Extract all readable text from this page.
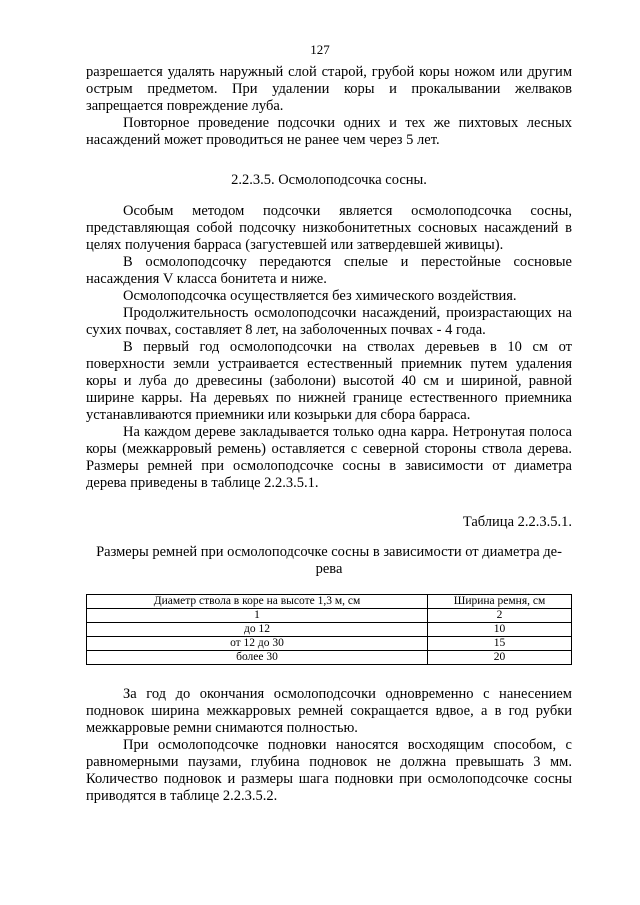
127

разрешается удалять наружный слой старой, грубой коры ножом или другим острым предметом. При удалении коры и прокалывании желваков запрещается повреждение луба.

Повторное проведение подсочки одних и тех же пихтовых лесных насаждений может проводиться не ранее чем через 5 лет.

2.2.3.5. Осмолоподсочка сосны.

Особым методом подсочки является осмолоподсочка сосны, представляющая собой подсочку низкобонитетных сосновых насаждений в целях получения барраса (загустевшей или затвердевшей живицы).

В осмолоподсочку передаются спелые и перестойные сосновые насаждения V класса бонитета и ниже.

Осмолоподсочка осуществляется без химического воздействия.

Продолжительность осмолоподсочки насаждений, произрастающих на сухих почвах, составляет 8 лет, на заболоченных почвах - 4 года.

В первый год осмолоподсочки на стволах деревьев в 10 см от поверхности земли устраивается естественный приемник путем удаления коры и луба до древесины (заболони) высотой 40 см и шириной, равной ширине карры. На деревьях по нижней границе естественного приемника устанавливаются приемники или козырьки для сбора барраса.

На каждом дереве закладывается только одна карра. Нетронутая полоса коры (межкарровый ремень) оставляется с северной стороны ствола дерева. Размеры ремней при осмолоподсочке сосны в зависимости от диаметра дерева приведены в таблице 2.2.3.5.1.

Таблица 2.2.3.5.1.

Размеры ремней при осмолоподсочке сосны в зависимости от диаметра де-

рева

Диаметр ствола в коре на высоте 1,3 м, см	Ширина ремня, см
1	2
до 12	10
от 12 до 30	15
более 30	20

За год до окончания осмолоподсочки одновременно с нанесением подновок ширина межкарровых ремней сокращается вдвое, а в год рубки межкарровые ремни снимаются полностью.

При осмолоподсочке подновки наносятся восходящим способом, с равномерными паузами, глубина подновок не должна превышать 3 мм. Количество подновок и размеры шага подновки при осмолоподсочке сосны приводятся в таблице 2.2.3.5.2.
